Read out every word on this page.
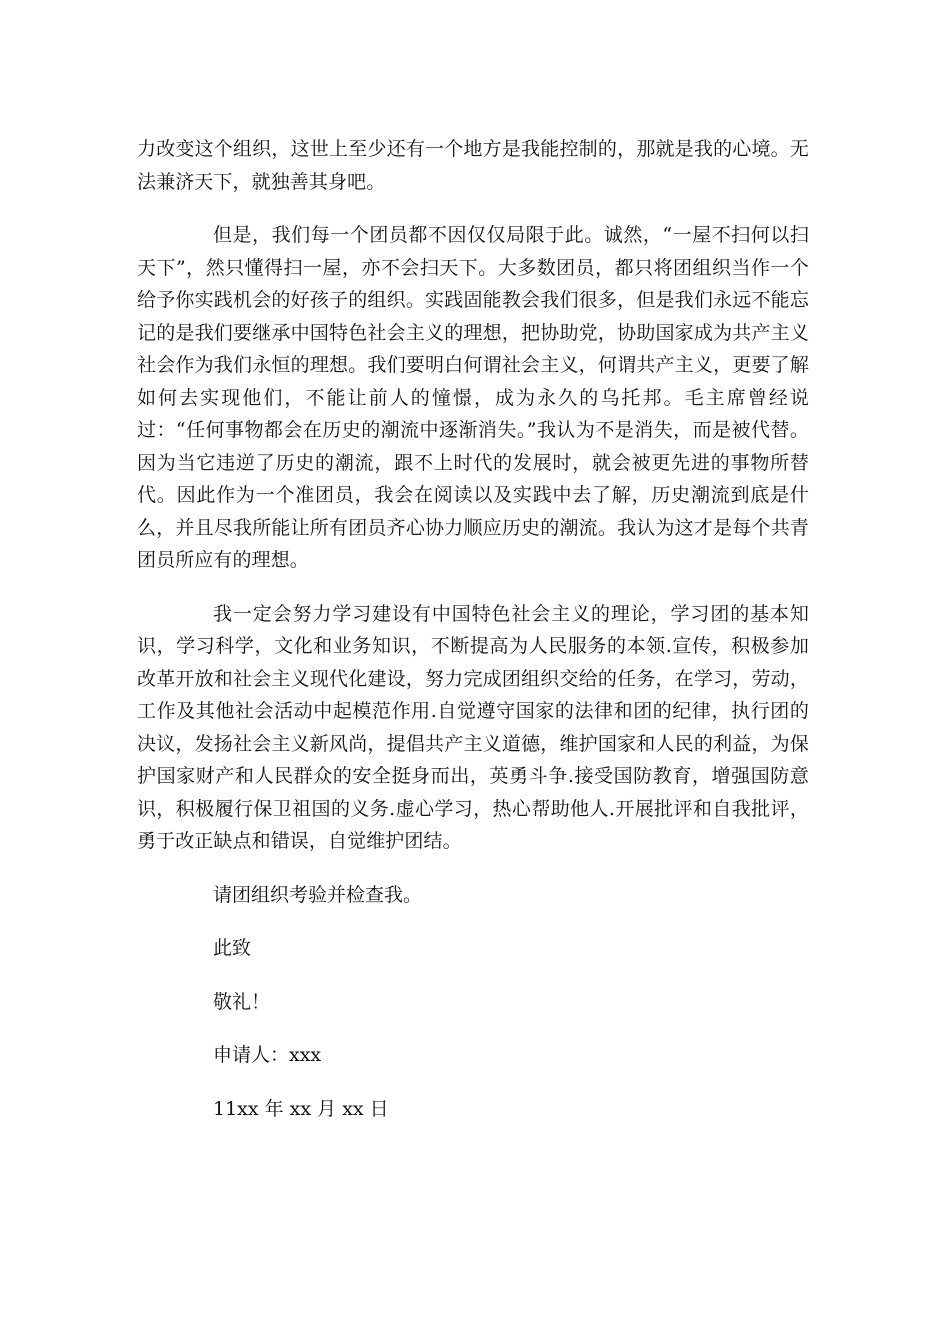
力改变这个组织，这世上至少还有一个地方是我能控制的，那就是我的心境。无法兼济天下，就独善其身吧。

但是，我们每一个团员都不因仅仅局限于此。诚然，“一屋不扫何以扫天下”，然只懂得扫一屋，亦不会扫天下。大多数团员，都只将团组织当作一个给予你实践机会的好孩子的组织。实践固能教会我们很多，但是我们永远不能忘记的是我们要继承中国特色社会主义的理想，把协助党，协助国家成为共产主义社会作为我们永恒的理想。我们要明白何谓社会主义，何谓共产主义，更要了解如何去实现他们，不能让前人的憧憬，成为永久的乌托邦。毛主席曾经说过：“任何事物都会在历史的潮流中逐渐消失。”我认为不是消失，而是被代替。因为当它违逆了历史的潮流，跟不上时代的发展时，就会被更先进的事物所替代。因此作为一个准团员，我会在阅读以及实践中去了解，历史潮流到底是什么，并且尽我所能让所有团员齐心协力顺应历史的潮流。我认为这才是每个共青团员所应有的理想。

我一定会努力学习建设有中国特色社会主义的理论，学习团的基本知识，学习科学，文化和业务知识，不断提高为人民服务的本领.宣传，积极参加改革开放和社会主义现代化建设，努力完成团组织交给的任务，在学习，劳动，工作及其他社会活动中起模范作用.自觉遵守国家的法律和团的纪律，执行团的决议，发扬社会主义新风尚，提倡共产主义道德，维护国家和人民的利益，为保护国家财产和人民群众的安全挺身而出，英勇斗争.接受国防教育，增强国防意识，积极履行保卫祖国的义务.虚心学习，热心帮助他人.开展批评和自我批评，勇于改正缺点和错误，自觉维护团结。

请团组织考验并检查我。

此致

敬礼！

申请人：xxx

11xx 年 xx 月 xx 日
